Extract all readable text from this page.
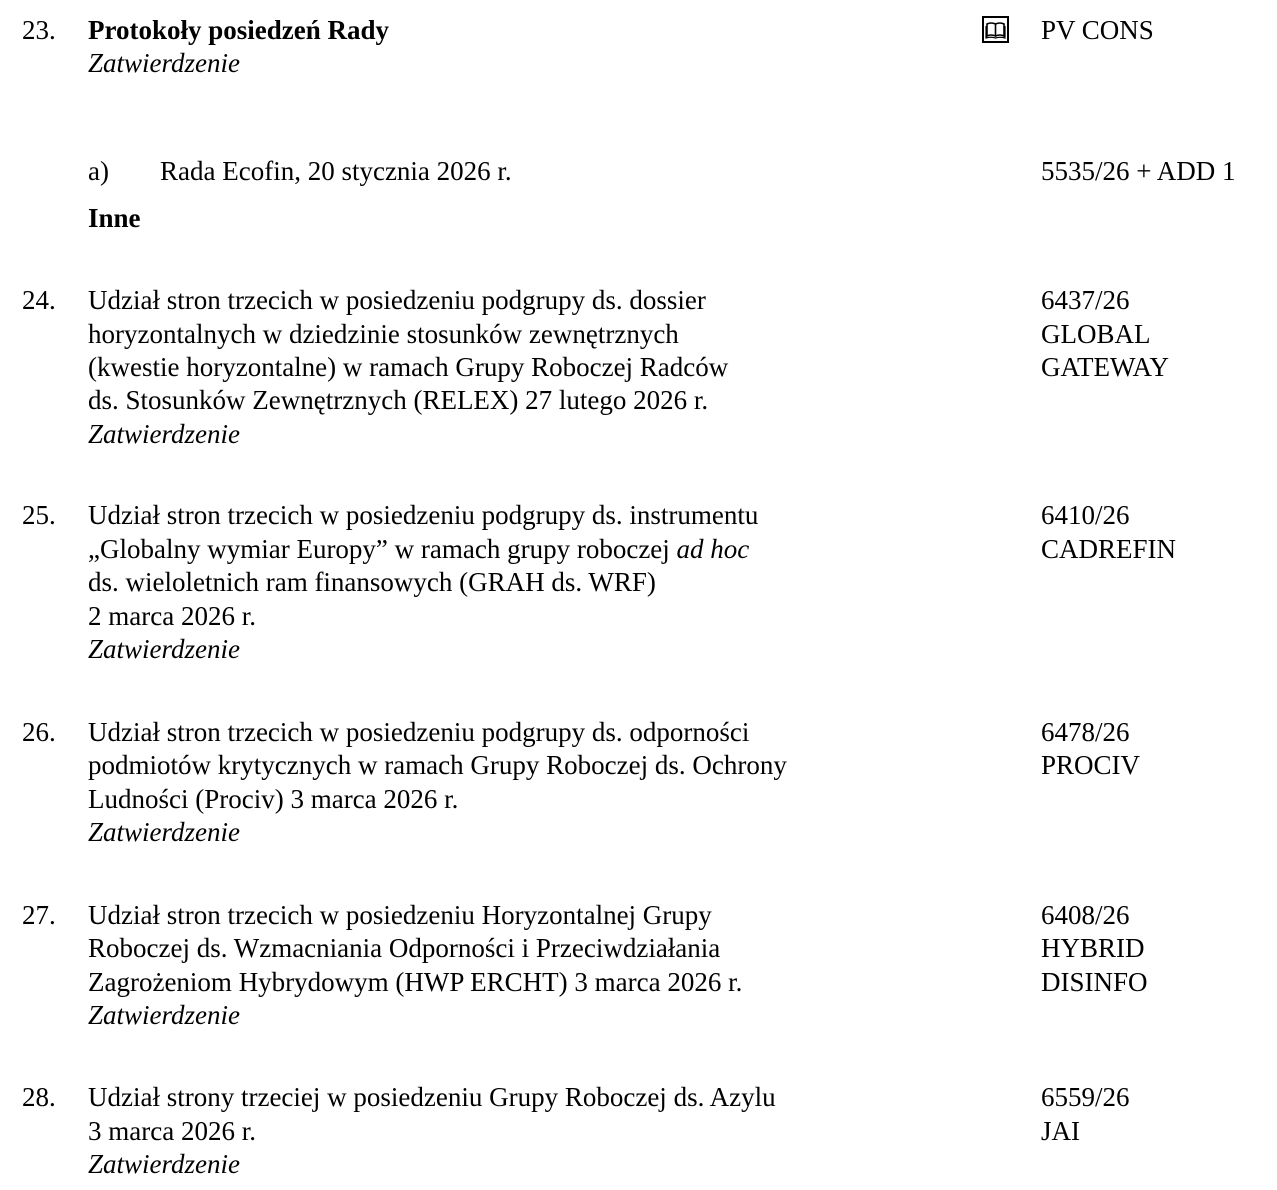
23. Protokoły posiedzeń Rady
Zatwierdzenie
PV CONS
a) Rada Ecofin, 20 stycznia 2026 r.	5535/26 + ADD 1
Inne
24. Udział stron trzecich w posiedzeniu podgrupy ds. dossier
horyzontalnych w dziedzinie stosunków zewnętrznych
(kwestie horyzontalne) w ramach Grupy Roboczej Radców
ds. Stosunków Zewnętrznych (RELEX) 27 lutego 2026 r.
Zatwierdzenie
6437/26
GLOBAL
GATEWAY
25. Udział stron trzecich w posiedzeniu podgrupy ds. instrumentu
„Globalny wymiar Europy” w ramach grupy roboczej ad hoc
ds. wieloletnich ram finansowych (GRAH ds. WRF)
2 marca 2026 r.
Zatwierdzenie
6410/26
CADREFIN
26. Udział stron trzecich w posiedzeniu podgrupy ds. odporności
podmiotów krytycznych w ramach Grupy Roboczej ds. Ochrony
Ludności (Prociv) 3 marca 2026 r.
Zatwierdzenie
6478/26
PROCIV
27. Udział stron trzecich w posiedzeniu Horyzontalnej Grupy
Roboczej ds. Wzmacniania Odporności i Przeciwdziałania
Zagrożeniom Hybrydowym (HWP ERCHT) 3 marca 2026 r.
Zatwierdzenie
6408/26
HYBRID
DISINFO
28. Udział strony trzeciej w posiedzeniu Grupy Roboczej ds. Azylu
3 marca 2026 r.
Zatwierdzenie
6559/26
JAI
